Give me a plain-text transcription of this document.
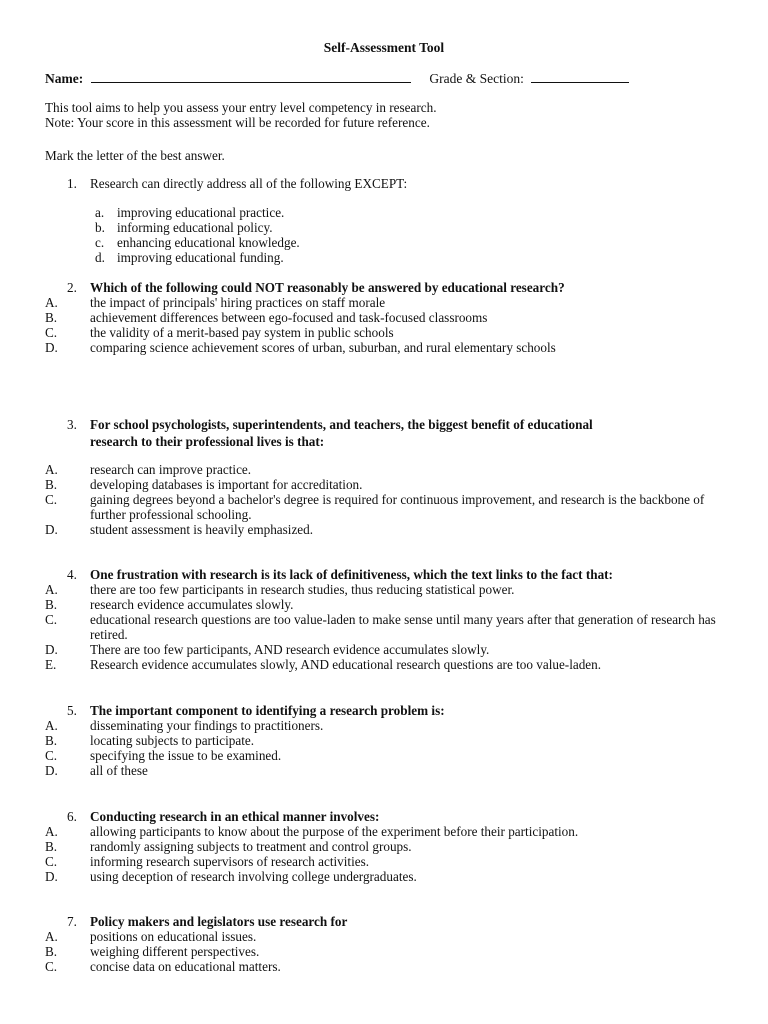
Self-Assessment Tool
Name:	Grade & Section:
This tool aims to help you assess your entry level competency in research.
Note: Your score in this assessment will be recorded for future reference.
Mark the letter of the best answer.
1. Research can directly address all of the following EXCEPT:
a. improving educational practice.
b. informing educational policy.
c. enhancing educational knowledge.
d. improving educational funding.
2. Which of the following could NOT reasonably be answered by educational research?
A. the impact of principals' hiring practices on staff morale
B. achievement differences between ego-focused and task-focused classrooms
C. the validity of a merit-based pay system in public schools
D. comparing science achievement scores of urban, suburban, and rural elementary schools
3. For school psychologists, superintendents, and teachers, the biggest benefit of educational
research to their professional lives is that:
A. research can improve practice.
B. developing databases is important for accreditation.
C. gaining degrees beyond a bachelor's degree is required for continuous improvement, and research is the backbone of further professional schooling.
D. student assessment is heavily emphasized.
4. One frustration with research is its lack of definitiveness, which the text links to the fact that:
A. there are too few participants in research studies, thus reducing statistical power.
B. research evidence accumulates slowly.
C. educational research questions are too value-laden to make sense until many years after that generation of research has retired.
D. There are too few participants, AND research evidence accumulates slowly.
E.	Research evidence accumulates slowly, AND educational research questions are too value-laden.
5. The important component to identifying a research problem is:
A. disseminating your findings to practitioners.
B. locating subjects to participate.
C. specifying the issue to be examined.
D. all of these
6. Conducting research in an ethical manner involves:
A. allowing participants to know about the purpose of the experiment before their participation.
B. randomly assigning subjects to treatment and control groups.
C. informing research supervisors of research activities.
D. using deception of research involving college undergraduates.
7. Policy makers and legislators use research for
A. positions on educational issues.
B. weighing different perspectives.
C. concise data on educational matters.
